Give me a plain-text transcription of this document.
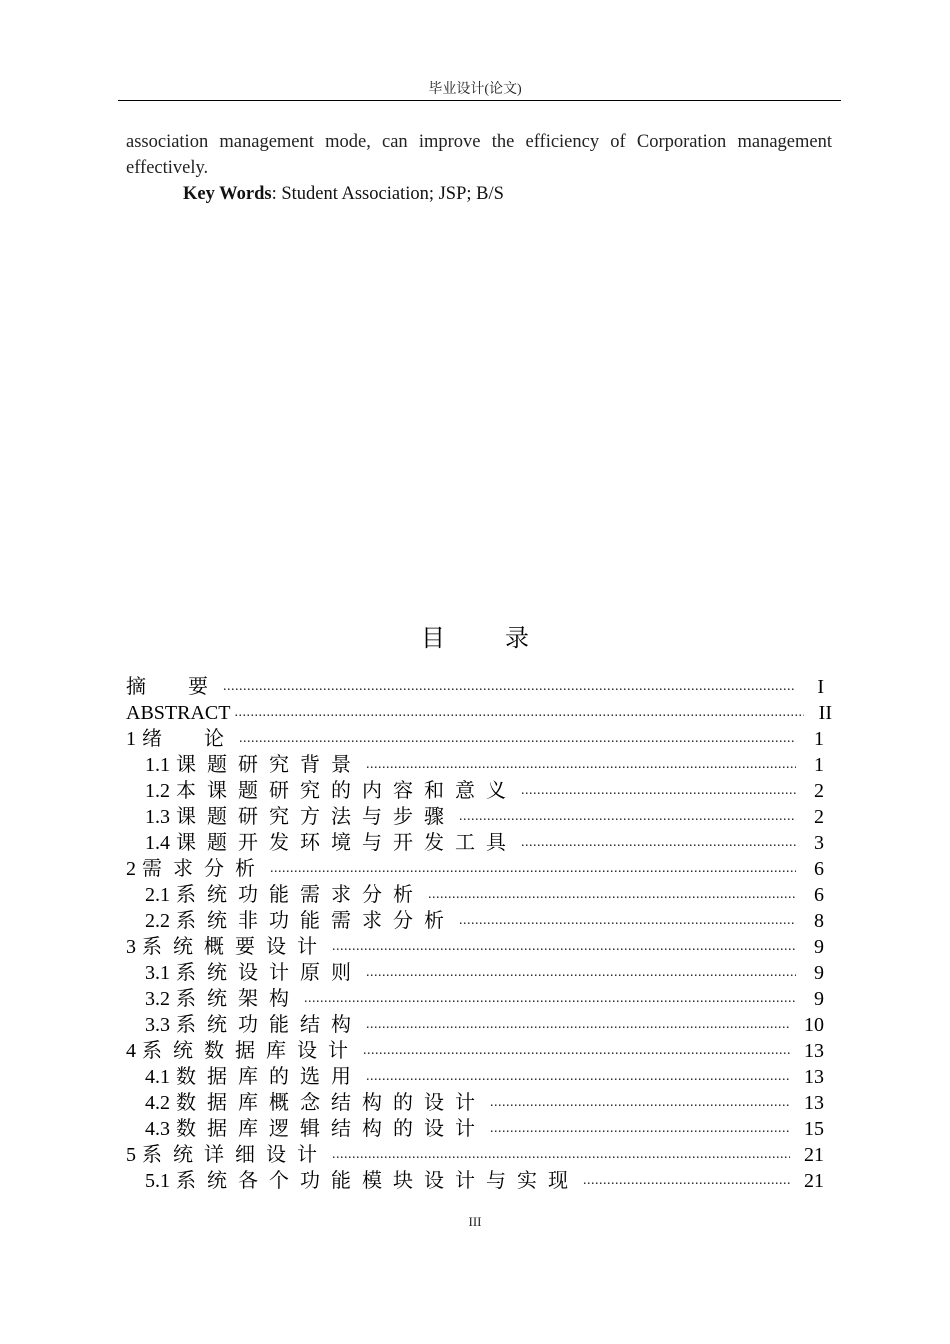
毕业设计(论文)
association management mode, can improve the efficiency of Corporation management effectively.
Key Words: Student Association; JSP; B/S
目	录
摘　要 .....	I
ABSTRACT .....	II
1 绪　论 .....	1
1.1 课题研究背景 .....	1
1.2 本课题研究的内容和意义 .....	2
1.3 课题研究方法与步骤 .....	2
1.4 课题开发环境与开发工具 .....	3
2 需求分析 .....	6
2.1 系统功能需求分析 .....	6
2.2 系统非功能需求分析 .....	8
3 系统概要设计 .....	9
3.1 系统设计原则 .....	9
3.2 系统架构 .....	9
3.3 系统功能结构 .....	10
4 系统数据库设计 .....	13
4.1 数据库的选用 .....	13
4.2 数据库概念结构的设计 .....	13
4.3 数据库逻辑结构的设计 .....	15
5 系统详细设计 .....	21
5.1 系统各个功能模块设计与实现 .....	21
III
